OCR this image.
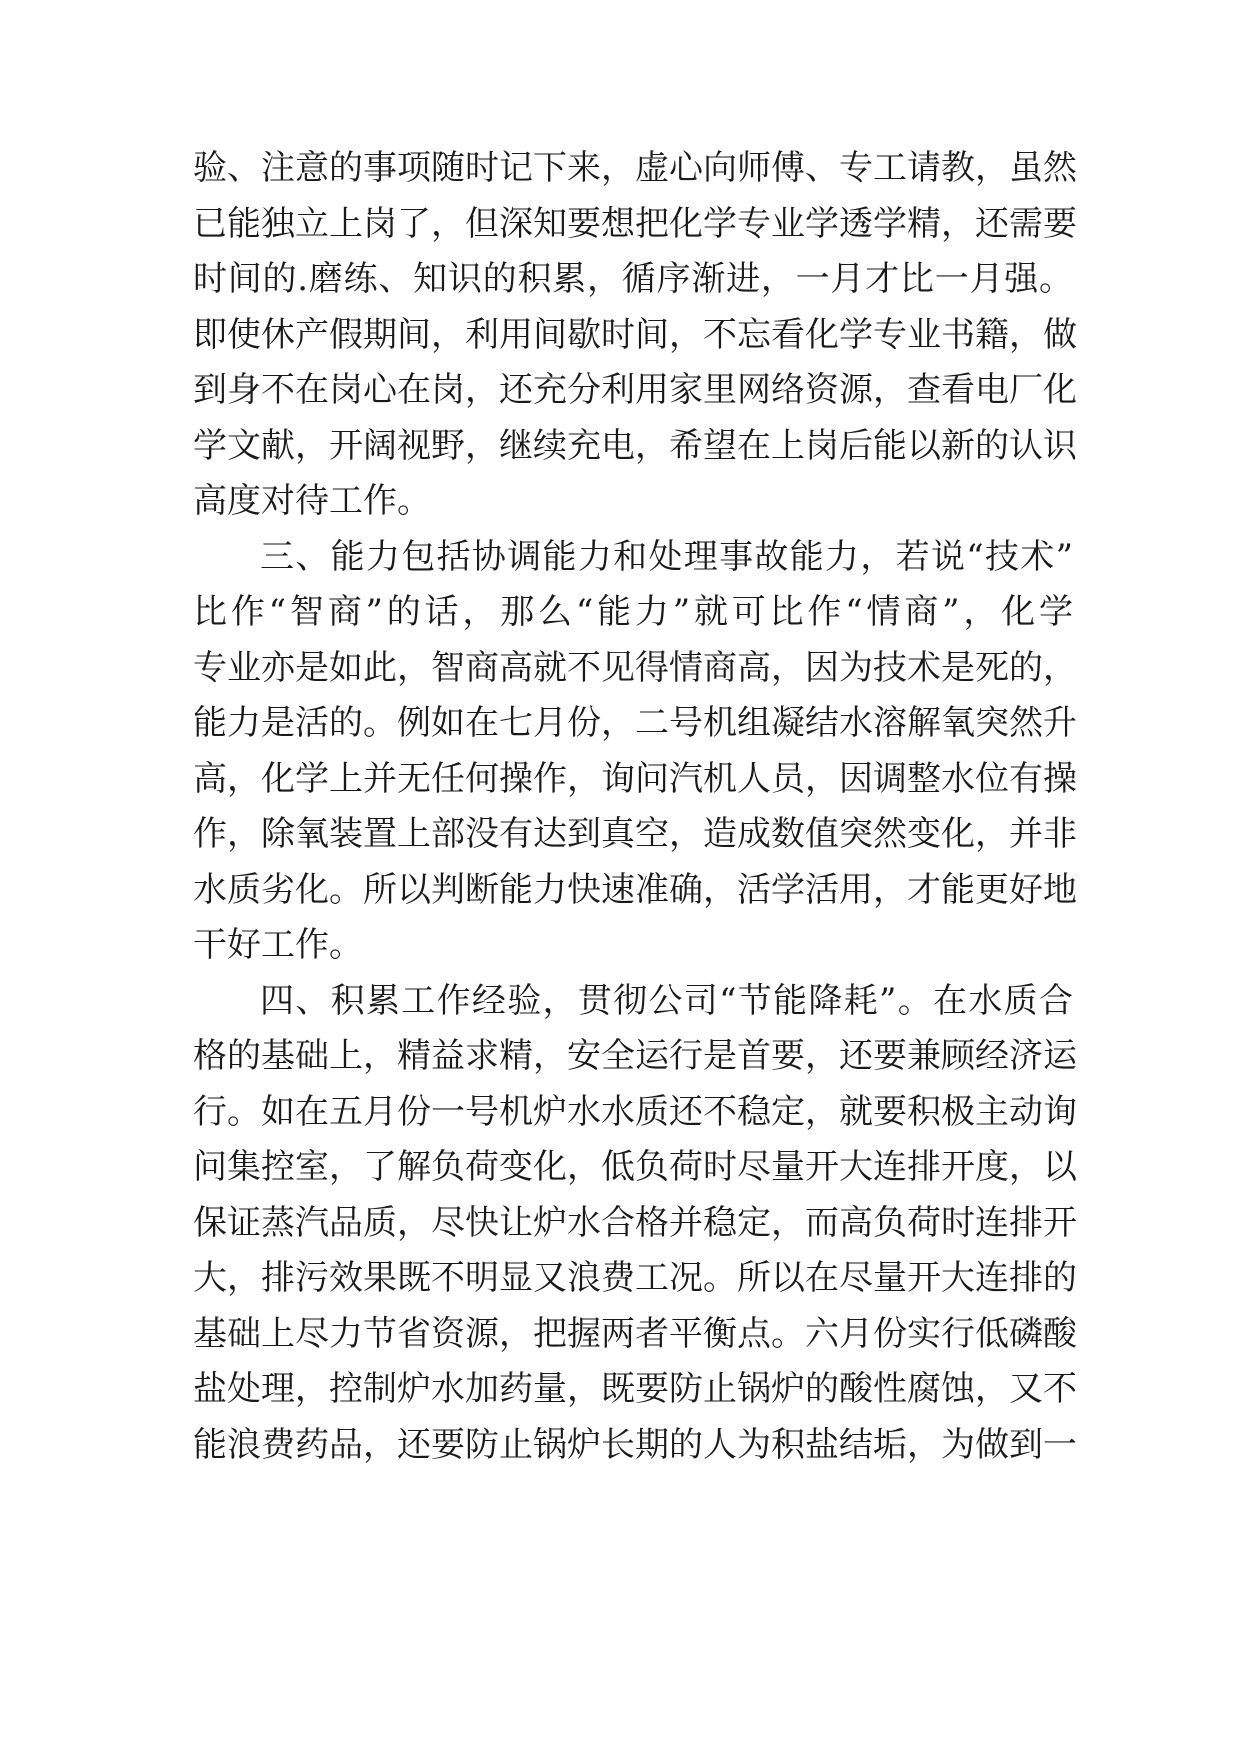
验、注意的事项随时记下来，虚心向师傅、专工请教，虽然
已能独立上岗了，但深知要想把化学专业学透学精，还需要
时间的.磨练、知识的积累，循序渐进，一月才比一月强。
即使休产假期间，利用间歇时间，不忘看化学专业书籍，做
到身不在岗心在岗，还充分利用家里网络资源，查看电厂化
学文献，开阔视野，继续充电，希望在上岗后能以新的认识
高度对待工作。
三、能力包括协调能力和处理事故能力，若说“技术”
比作“智商”的话，那么“能力”就可比作“情商”，化学
专业亦是如此，智商高就不见得情商高，因为技术是死的，
能力是活的。例如在七月份，二号机组凝结水溶解氧突然升
高，化学上并无任何操作，询问汽机人员，因调整水位有操
作，除氧装置上部没有达到真空，造成数值突然变化，并非
水质劣化。所以判断能力快速准确，活学活用，才能更好地
干好工作。
四、积累工作经验，贯彻公司“节能降耗”。在水质合
格的基础上，精益求精，安全运行是首要，还要兼顾经济运
行。如在五月份一号机炉水水质还不稳定，就要积极主动询
问集控室，了解负荷变化，低负荷时尽量开大连排开度，以
保证蒸汽品质，尽快让炉水合格并稳定，而高负荷时连排开
大，排污效果既不明显又浪费工况。所以在尽量开大连排的
基础上尽力节省资源，把握两者平衡点。六月份实行低磷酸
盐处理，控制炉水加药量，既要防止锅炉的酸性腐蚀，又不
能浪费药品，还要防止锅炉长期的人为积盐结垢，为做到一
